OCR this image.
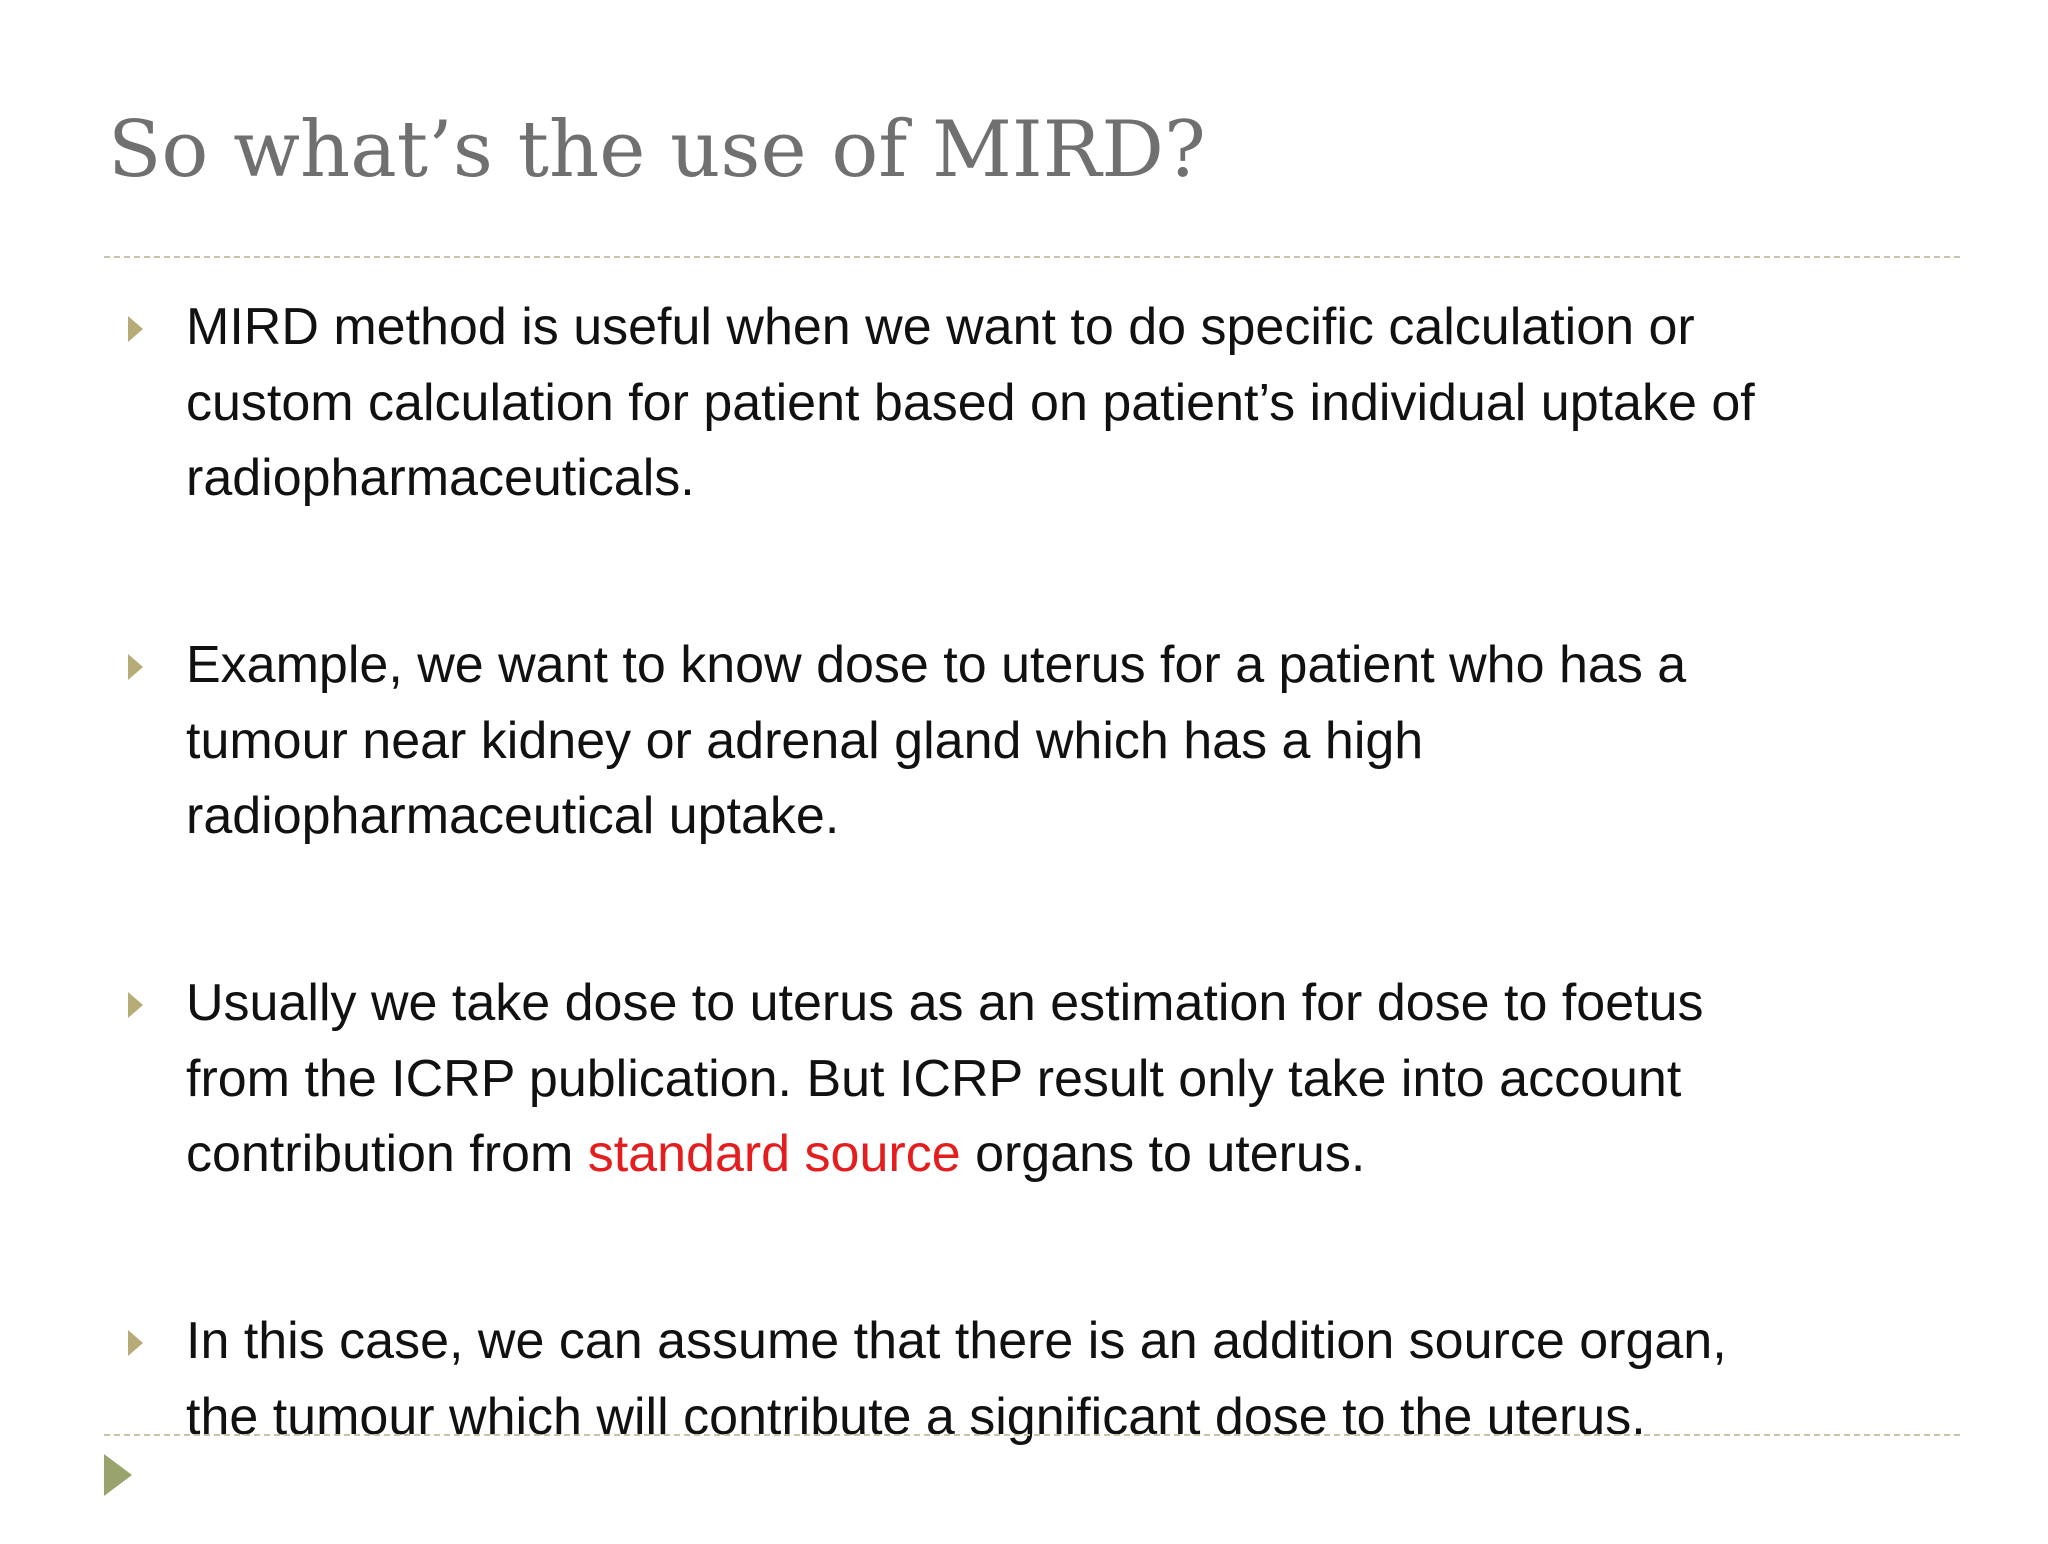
So what’s the use of MIRD?
MIRD method is useful when we want to do specific calculation or
custom calculation for patient based on patient’s individual uptake of
radiopharmaceuticals.
Example, we want to know dose to uterus for a patient who has a
tumour near kidney or adrenal gland which has a high
radiopharmaceutical uptake.
Usually we take dose to uterus as an estimation for dose to foetus
from the ICRP publication. But ICRP result only take into account
contribution from standard source organs to uterus.
In this case, we can assume that there is an addition source organ,
the tumour which will contribute a significant dose to the uterus.
